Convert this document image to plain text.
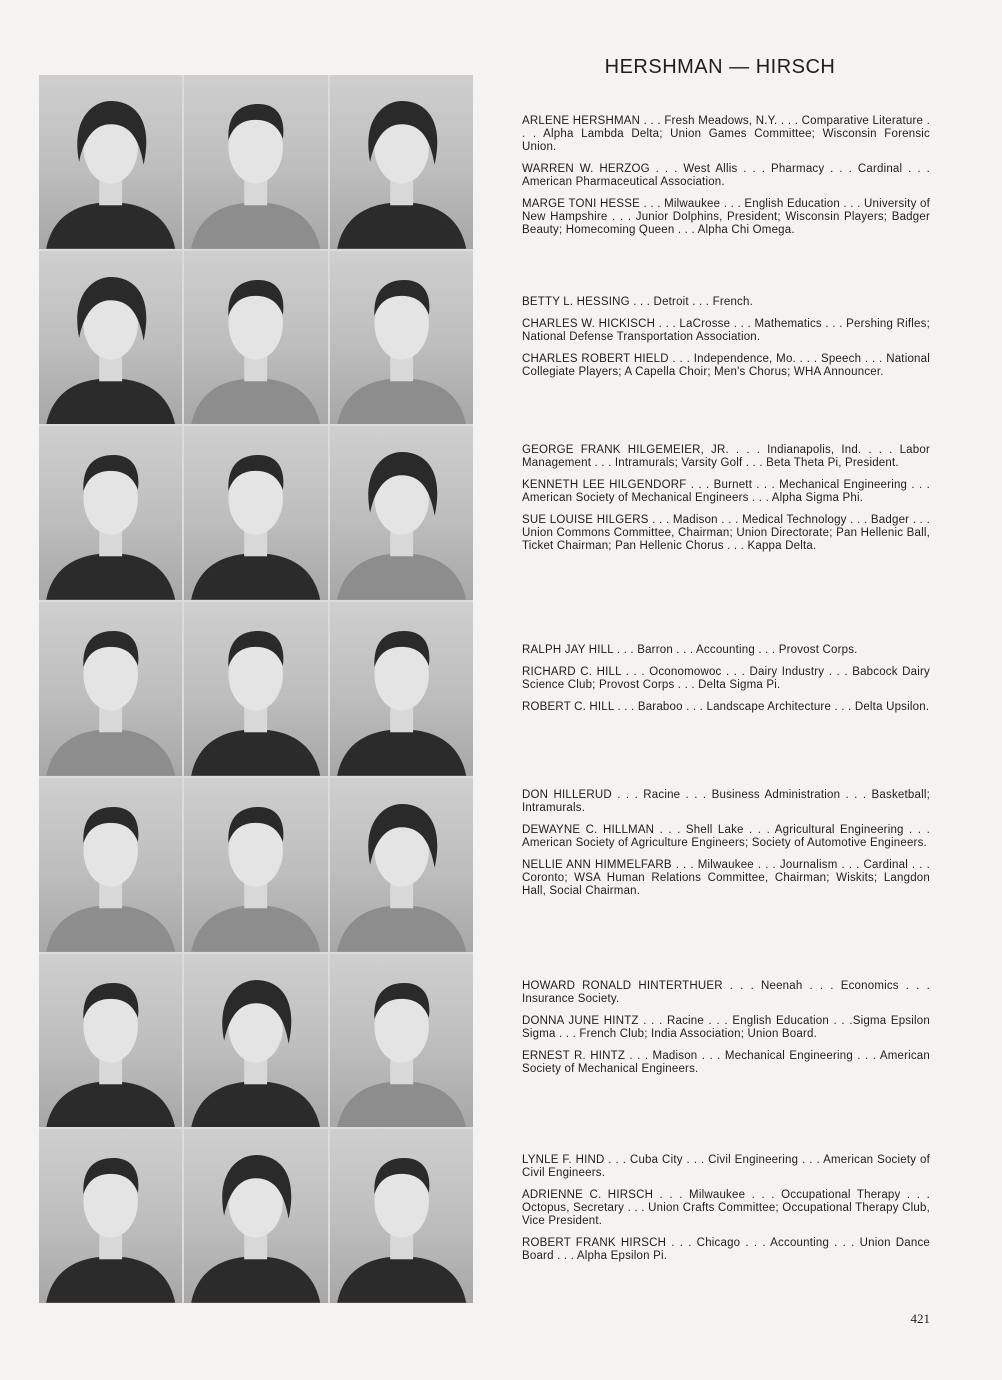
HERSHMAN — HIRSCH

ARLENE HERSHMAN . . . Fresh Meadows, N.Y. . . . Comparative Literature . . . Alpha Lambda Delta; Union Games Committee; Wisconsin Forensic Union.

WARREN W. HERZOG . . . West Allis . . . Pharmacy . . . Cardinal . . . American Pharmaceutical Association.

MARGE TONI HESSE . . . Milwaukee . . . English Education . . . University of New Hampshire . . . Junior Dolphins, President; Wisconsin Players; Badger Beauty; Homecoming Queen . . . Alpha Chi Omega.

BETTY L. HESSING . . . Detroit . . . French.

CHARLES W. HICKISCH . . . LaCrosse . . . Mathematics . . . Pershing Rifles; National Defense Transportation Association.

CHARLES ROBERT HIELD . . . Independence, Mo. . . . Speech . . . National Collegiate Players; A Capella Choir; Men's Chorus; WHA Announcer.

GEORGE FRANK HILGEMEIER, JR. . . . Indianapolis, Ind. . . . Labor Management . . . Intramurals; Varsity Golf . . . Beta Theta Pi, President.

KENNETH LEE HILGENDORF . . . Burnett . . . Mechanical Engineering . . . American Society of Mechanical Engineers . . . Alpha Sigma Phi.

SUE LOUISE HILGERS . . . Madison . . . Medical Technology . . . Badger . . . Union Commons Committee, Chairman; Union Directorate; Pan Hellenic Ball, Ticket Chairman; Pan Hellenic Chorus . . . Kappa Delta.

RALPH JAY HILL . . . Barron . . . Accounting . . . Provost Corps.

RICHARD C. HILL . . . Oconomowoc . . . Dairy Industry . . . Babcock Dairy Science Club; Provost Corps . . . Delta Sigma Pi.

ROBERT C. HILL . . . Baraboo . . . Landscape Architecture . . . Delta Upsilon.

DON HILLERUD . . . Racine . . . Business Administration . . . Basketball; Intramurals.

DEWAYNE C. HILLMAN . . . Shell Lake . . . Agricultural Engineering . . . American Society of Agriculture Engineers; Society of Automotive Engineers.

NELLIE ANN HIMMELFARB . . . Milwaukee . . . Journalism . . . Cardinal . . . Coronto; WSA Human Relations Committee, Chairman; Wiskits; Langdon Hall, Social Chairman.

HOWARD RONALD HINTERTHUER . . . Neenah . . . Economics . . . Insurance Society.

DONNA JUNE HINTZ . . . Racine . . . English Education . . .Sigma Epsilon Sigma . . . French Club; India Association; Union Board.

ERNEST R. HINTZ . . . Madison . . . Mechanical Engineering . . . American Society of Mechanical Engineers.

LYNLE F. HIND . . . Cuba City . . . Civil Engineering . . . American Society of Civil Engineers.

ADRIENNE C. HIRSCH . . . Milwaukee . . . Occupational Therapy . . . Octopus, Secretary . . . Union Crafts Committee; Occupational Therapy Club, Vice President.

ROBERT FRANK HIRSCH . . . Chicago . . . Accounting . . . Union Dance Board . . . Alpha Epsilon Pi.

421
